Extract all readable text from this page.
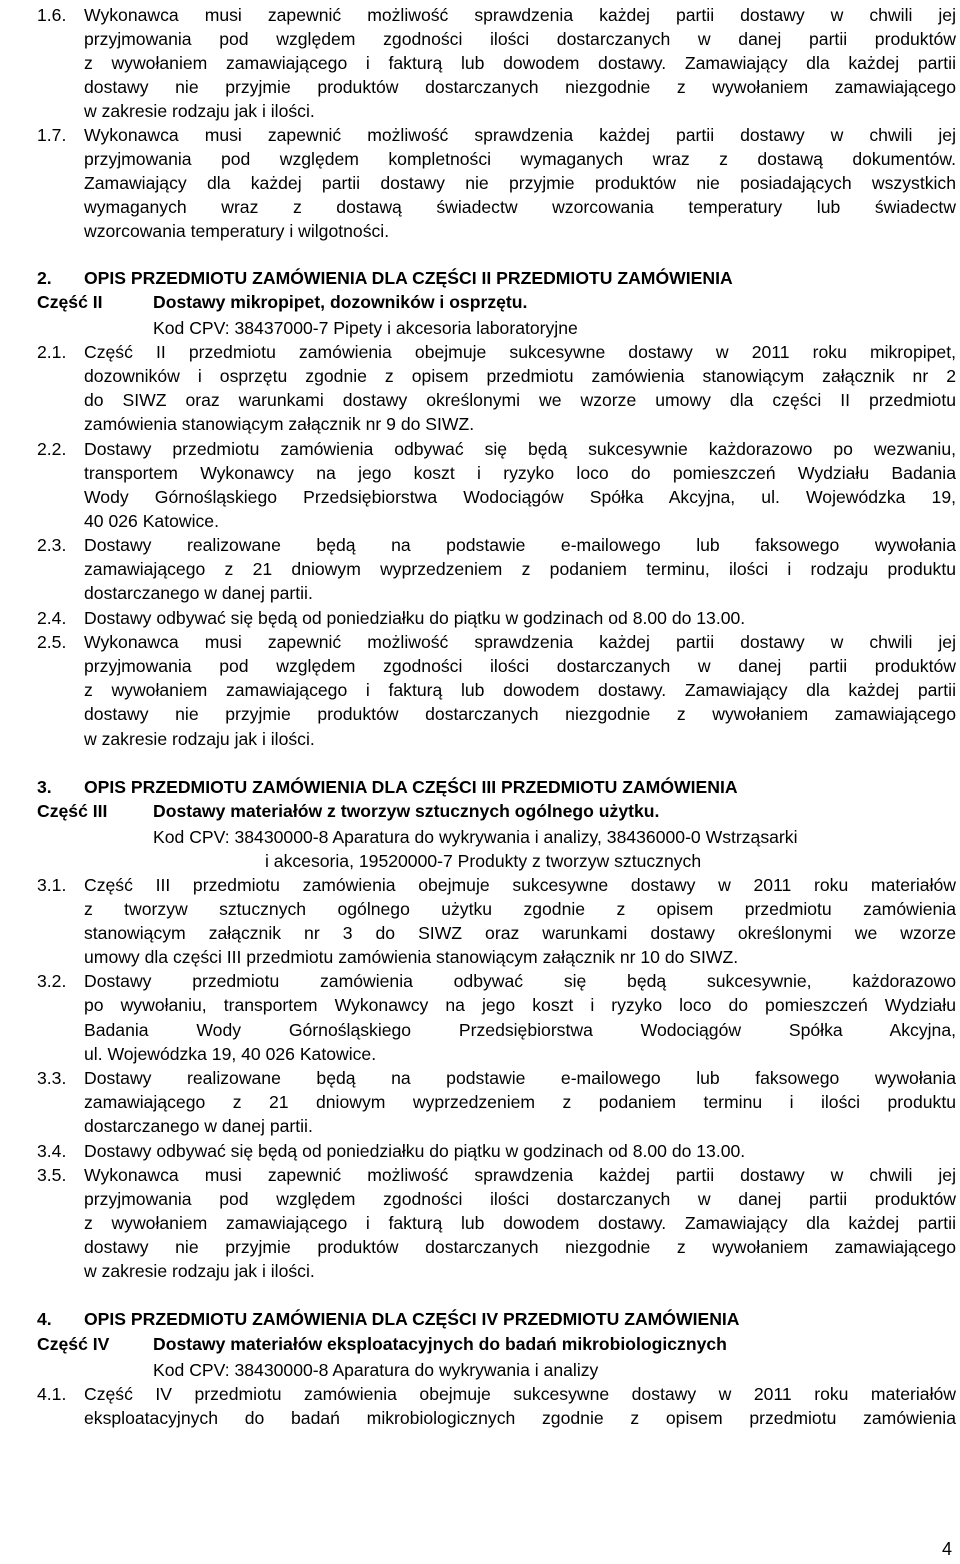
1.6. Wykonawca musi zapewnić możliwość sprawdzenia każdej partii dostawy w chwili jej
przyjmowania pod względem zgodności ilości dostarczanych w danej partii produktów
z wywołaniem zamawiającego i fakturą lub dowodem dostawy. Zamawiający dla każdej partii
dostawy nie przyjmie produktów dostarczanych niezgodnie z wywołaniem zamawiającego
w zakresie rodzaju jak i ilości.
1.7. Wykonawca musi zapewnić możliwość sprawdzenia każdej partii dostawy w chwili jej
przyjmowania pod względem kompletności wymaganych wraz z dostawą dokumentów.
Zamawiający dla każdej partii dostawy nie przyjmie produktów nie posiadających wszystkich
wymaganych wraz z dostawą świadectw wzorcowania temperatury lub świadectw
wzorcowania temperatury i wilgotności.
2. OPIS PRZEDMIOTU ZAMÓWIENIA DLA CZĘŚCI II PRZEDMIOTU ZAMÓWIENIA
Część II	Dostawy mikropipet, dozowników i osprzętu.
Kod CPV: 38437000-7 Pipety i akcesoria laboratoryjne
2.1. Część II przedmiotu zamówienia obejmuje sukcesywne dostawy w 2011 roku mikropipet,
dozowników i osprzętu zgodnie z opisem przedmiotu zamówienia stanowiącym załącznik nr 2
do SIWZ oraz warunkami dostawy określonymi we wzorze umowy dla części II przedmiotu
zamówienia stanowiącym załącznik nr 9 do SIWZ.
2.2. Dostawy przedmiotu zamówienia odbywać się będą sukcesywnie każdorazowo po wezwaniu,
transportem Wykonawcy na jego koszt i ryzyko loco do pomieszczeń Wydziału Badania
Wody Górnośląskiego Przedsiębiorstwa Wodociągów Spółka Akcyjna, ul. Wojewódzka 19,
40 026 Katowice.
2.3. Dostawy realizowane będą na podstawie e-mailowego lub faksowego wywołania
zamawiającego z 21 dniowym wyprzedzeniem z podaniem terminu, ilości i rodzaju produktu
dostarczanego w danej partii.
2.4. Dostawy odbywać się będą od poniedziałku do piątku w godzinach od 8.00 do 13.00.
2.5. Wykonawca musi zapewnić możliwość sprawdzenia każdej partii dostawy w chwili jej
przyjmowania pod względem zgodności ilości dostarczanych w danej partii produktów
z wywołaniem zamawiającego i fakturą lub dowodem dostawy. Zamawiający dla każdej partii
dostawy nie przyjmie produktów dostarczanych niezgodnie z wywołaniem zamawiającego
w zakresie rodzaju jak i ilości.
3. OPIS PRZEDMIOTU ZAMÓWIENIA DLA CZĘŚCI III PRZEDMIOTU ZAMÓWIENIA
Część III	Dostawy materiałów z tworzyw sztucznych ogólnego użytku.
Kod CPV: 38430000-8 Aparatura do wykrywania i analizy, 38436000-0 Wstrząsarki
i akcesoria, 19520000-7 Produkty z tworzyw sztucznych
3.1. Część III przedmiotu zamówienia obejmuje sukcesywne dostawy w 2011 roku materiałów
z tworzyw sztucznych ogólnego użytku zgodnie z opisem przedmiotu zamówienia
stanowiącym załącznik nr 3 do SIWZ oraz warunkami dostawy określonymi we wzorze
umowy dla części III przedmiotu zamówienia stanowiącym załącznik nr 10 do SIWZ.
3.2. Dostawy przedmiotu zamówienia odbywać się będą sukcesywnie, każdorazowo
po wywołaniu, transportem Wykonawcy na jego koszt i ryzyko loco do pomieszczeń Wydziału
Badania Wody Górnośląskiego Przedsiębiorstwa Wodociągów Spółka Akcyjna,
ul. Wojewódzka 19, 40 026 Katowice.
3.3. Dostawy realizowane będą na podstawie e-mailowego lub faksowego wywołania
zamawiającego z 21 dniowym wyprzedzeniem z podaniem terminu i ilości produktu
dostarczanego w danej partii.
3.4. Dostawy odbywać się będą od poniedziałku do piątku w godzinach od 8.00 do 13.00.
3.5. Wykonawca musi zapewnić możliwość sprawdzenia każdej partii dostawy w chwili jej
przyjmowania pod względem zgodności ilości dostarczanych w danej partii produktów
z wywołaniem zamawiającego i fakturą lub dowodem dostawy. Zamawiający dla każdej partii
dostawy nie przyjmie produktów dostarczanych niezgodnie z wywołaniem zamawiającego
w zakresie rodzaju jak i ilości.
4. OPIS PRZEDMIOTU ZAMÓWIENIA DLA CZĘŚCI IV PRZEDMIOTU ZAMÓWIENIA
Część IV Dostawy materiałów eksploatacyjnych do badań mikrobiologicznych
Kod CPV: 38430000-8 Aparatura do wykrywania i analizy
4.1. Część IV przedmiotu zamówienia obejmuje sukcesywne dostawy w 2011 roku materiałów
eksploatacyjnych do badań mikrobiologicznych zgodnie z opisem przedmiotu zamówienia
4
